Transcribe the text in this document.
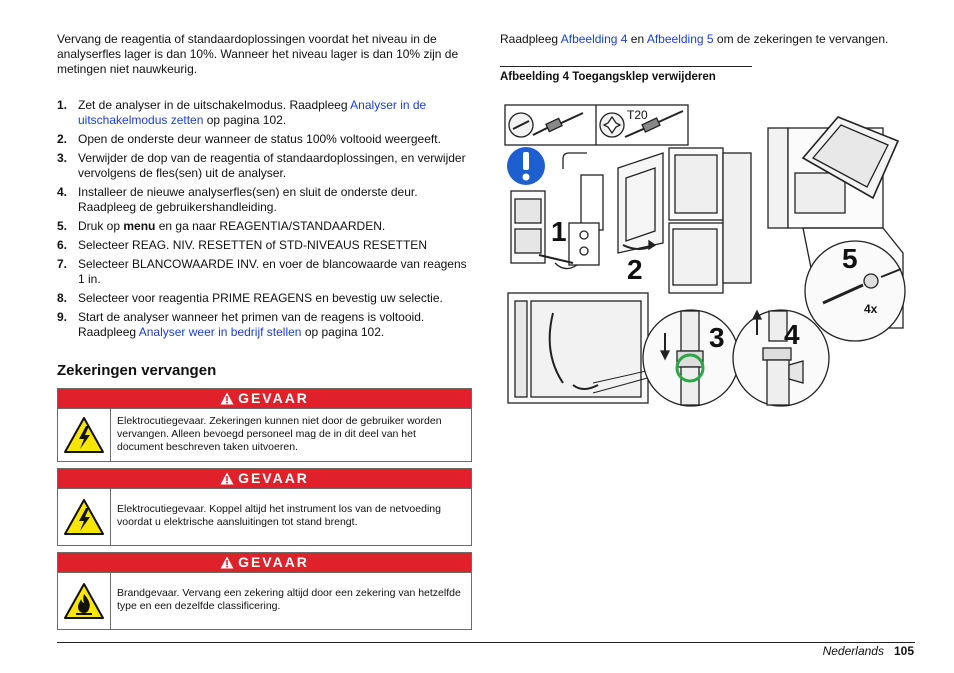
Vervang de reagentia of standaardoplossingen voordat het niveau in de analyserfles lager is dan 10%. Wanneer het niveau lager is dan 10% zijn de metingen niet nauwkeurig.

1. Zet de analyser in de uitschakelmodus. Raadpleeg Analyser in de uitschakelmodus zetten op pagina 102.
2. Open de onderste deur wanneer de status 100% voltooid weergeeft.
3. Verwijder de dop van de reagentia of standaardoplossingen, en verwijder vervolgens de fles(sen) uit de analyser.
4. Installeer de nieuwe analyserfles(sen) en sluit de onderste deur. Raadpleeg de gebruikershandleiding.
5. Druk op menu en ga naar REAGENTIA/STANDAARDEN.
6. Selecteer REAG. NIV. RESETTEN of STD-NIVEAUS RESETTEN
7. Selecteer BLANCOWAARDE INV. en voer de blancowaarde van reagens 1 in.
8. Selecteer voor reagentia PRIME REAGENS en bevestig uw selectie.
9. Start de analyser wanneer het primen van de reagens is voltooid. Raadpleeg Analyser weer in bedrijf stellen op pagina 102.
Zekeringen vervangen
GEVAAR
Elektrocutiegevaar. Zekeringen kunnen niet door de gebruiker worden vervangen. Alleen bevoegd personeel mag de in dit deel van het document beschreven taken uitvoeren.
GEVAAR
Elektrocutiegevaar. Koppel altijd het instrument los van de netvoeding voordat u elektrische aansluitingen tot stand brengt.
GEVAAR
Brandgevaar. Vervang een zekering altijd door een zekering van hetzelfde type en een dezelfde classificering.

Raadpleeg Afbeelding 4 en Afbeelding 5 om de zekeringen te vervangen.

Afbeelding 4 Toegangsklep verwijderen
T20
1
2	5
4x
3 4
Nederlands 105
